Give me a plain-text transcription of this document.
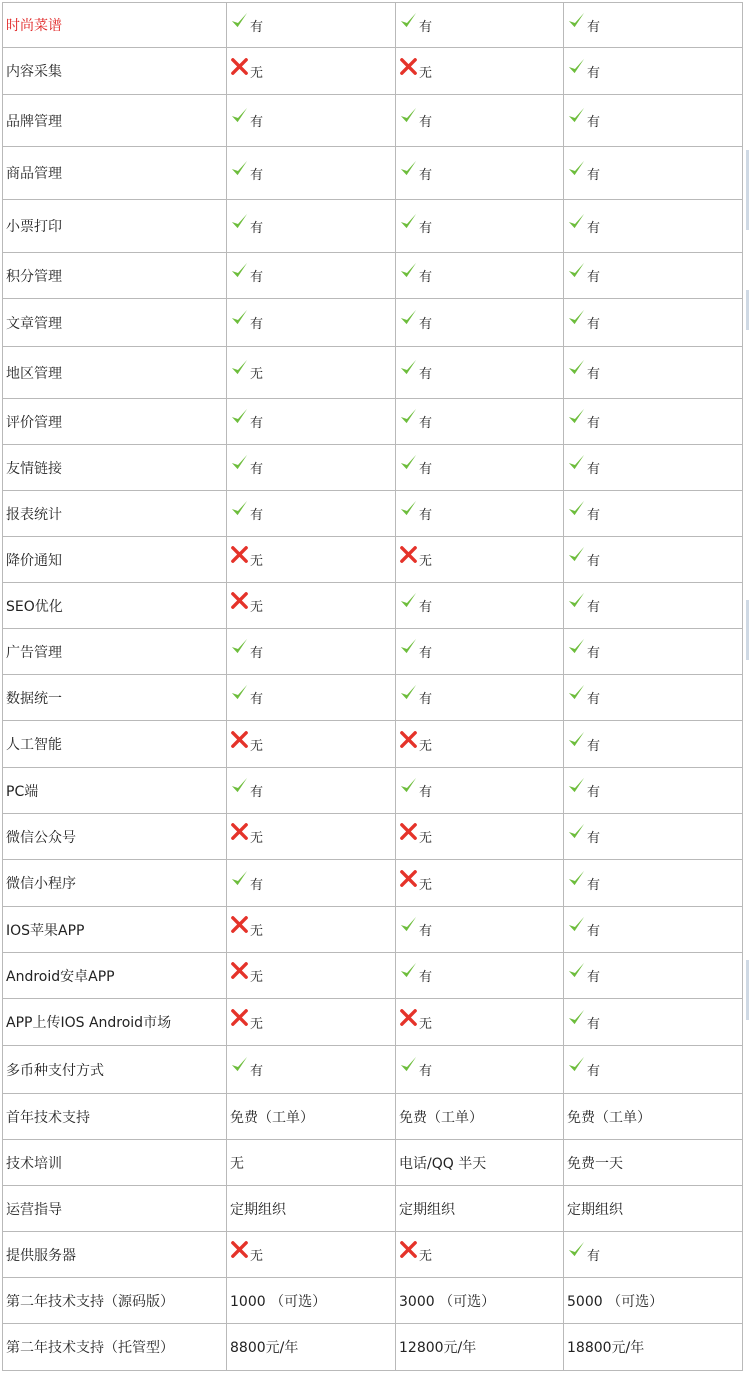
时尚菜谱	有	有	有
内容采集	无	无	有
品牌管理	有	有	有
商品管理	有	有	有
小票打印	有	有	有
积分管理	有	有	有
文章管理	有	有	有
地区管理	无	有	有
评价管理	有	有	有
友情链接	有	有	有
报表统计	有	有	有
降价通知	无	无	有
SEO优化	无	有	有
广告管理	有	有	有
数据统一	有	有	有
人工智能	无	无	有
PC端	有	有	有
微信公众号	无	无	有
微信小程序	有	无	有
IOS苹果APP	无	有	有
Android安卓APP	无	有	有
APP上传IOS Android市场	无	无	有
多币种支付方式	有	有	有
首年技术支持	免费（工单）	免费（工单）	免费（工单）
技术培训	无	电话/QQ 半天	免费一天
运营指导	定期组织	定期组织	定期组织
提供服务器	无	无	有
第二年技术支持（源码版）	1000 （可选）	3000 （可选）	5000 （可选）
第二年技术支持（托管型）	8800元/年	12800元/年	18800元/年
